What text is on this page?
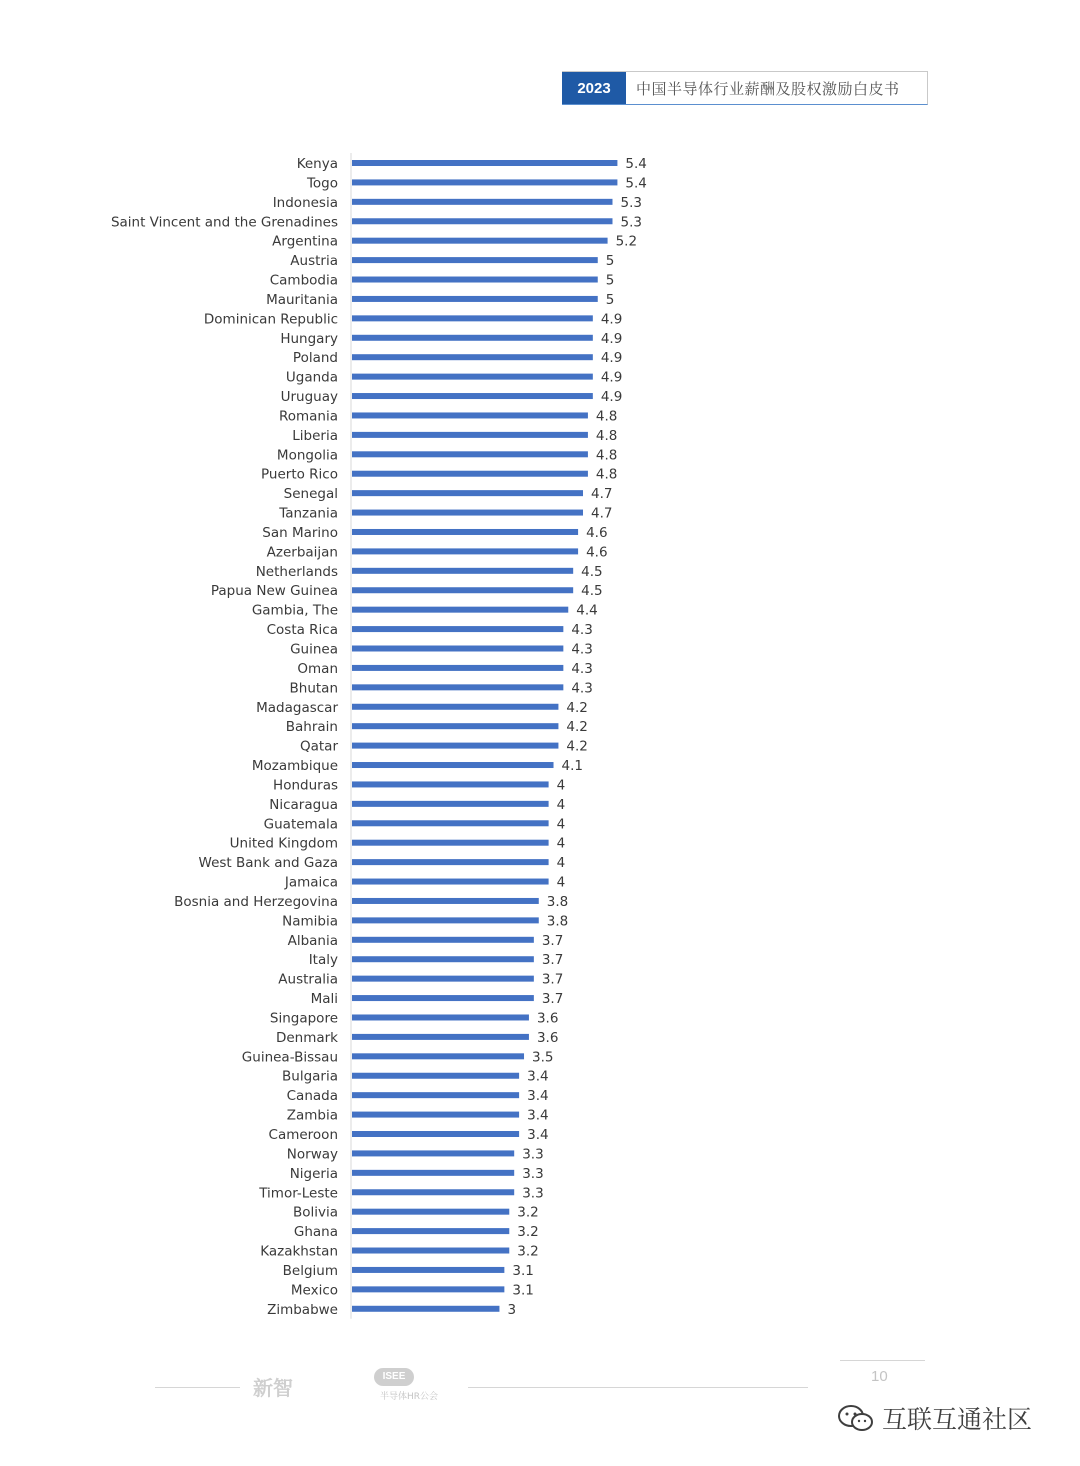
2023	中国半导体行业薪酬及股权激励白皮书
Kenya	5.4
Togo	5.4
Indonesia	5.3
Saint Vincent and the Grenadines	5.3
Argentina	5.2
Austria	5
Cambodia	5
Mauritania	5
Dominican Republic	4.9
Hungary	4.9
Poland	4.9
Uganda	4.9
Uruguay	4.9
Romania	4.8
Liberia	4.8
Mongolia	4.8
Puerto Rico	4.8
Senegal	4.7
Tanzania	4.7
San Marino	4.6
Azerbaijan	4.6
Netherlands	4.5
Papua New Guinea	4.5
Gambia, The	4.4
Costa Rica	4.3
Guinea	4.3
Oman	4.3
Bhutan	4.3
Madagascar	4.2
Bahrain	4.2
Qatar	4.2
Mozambique	4.1
Honduras	4
Nicaragua	4
Guatemala	4
United Kingdom	4
West Bank and Gaza	4
Jamaica	4
Bosnia and Herzegovina	3.8
Namibia	3.8
Albania	3.7
Italy	3.7
Australia	3.7
Mali	3.7
Singapore	3.6
Denmark	3.6
Guinea-Bissau	3.5
Bulgaria	3.4
Canada	3.4
Zambia	3.4
Cameroon	3.4
Norway	3.3
Nigeria	3.3
Timor-Leste	3.3
Bolivia	3.2
Ghana	3.2
Kazakhstan	3.2
Belgium	3.1
Mexico	3.1
Zimbabwe	3
新智	ISEE
半导体HR公会
10
互联互通社区
